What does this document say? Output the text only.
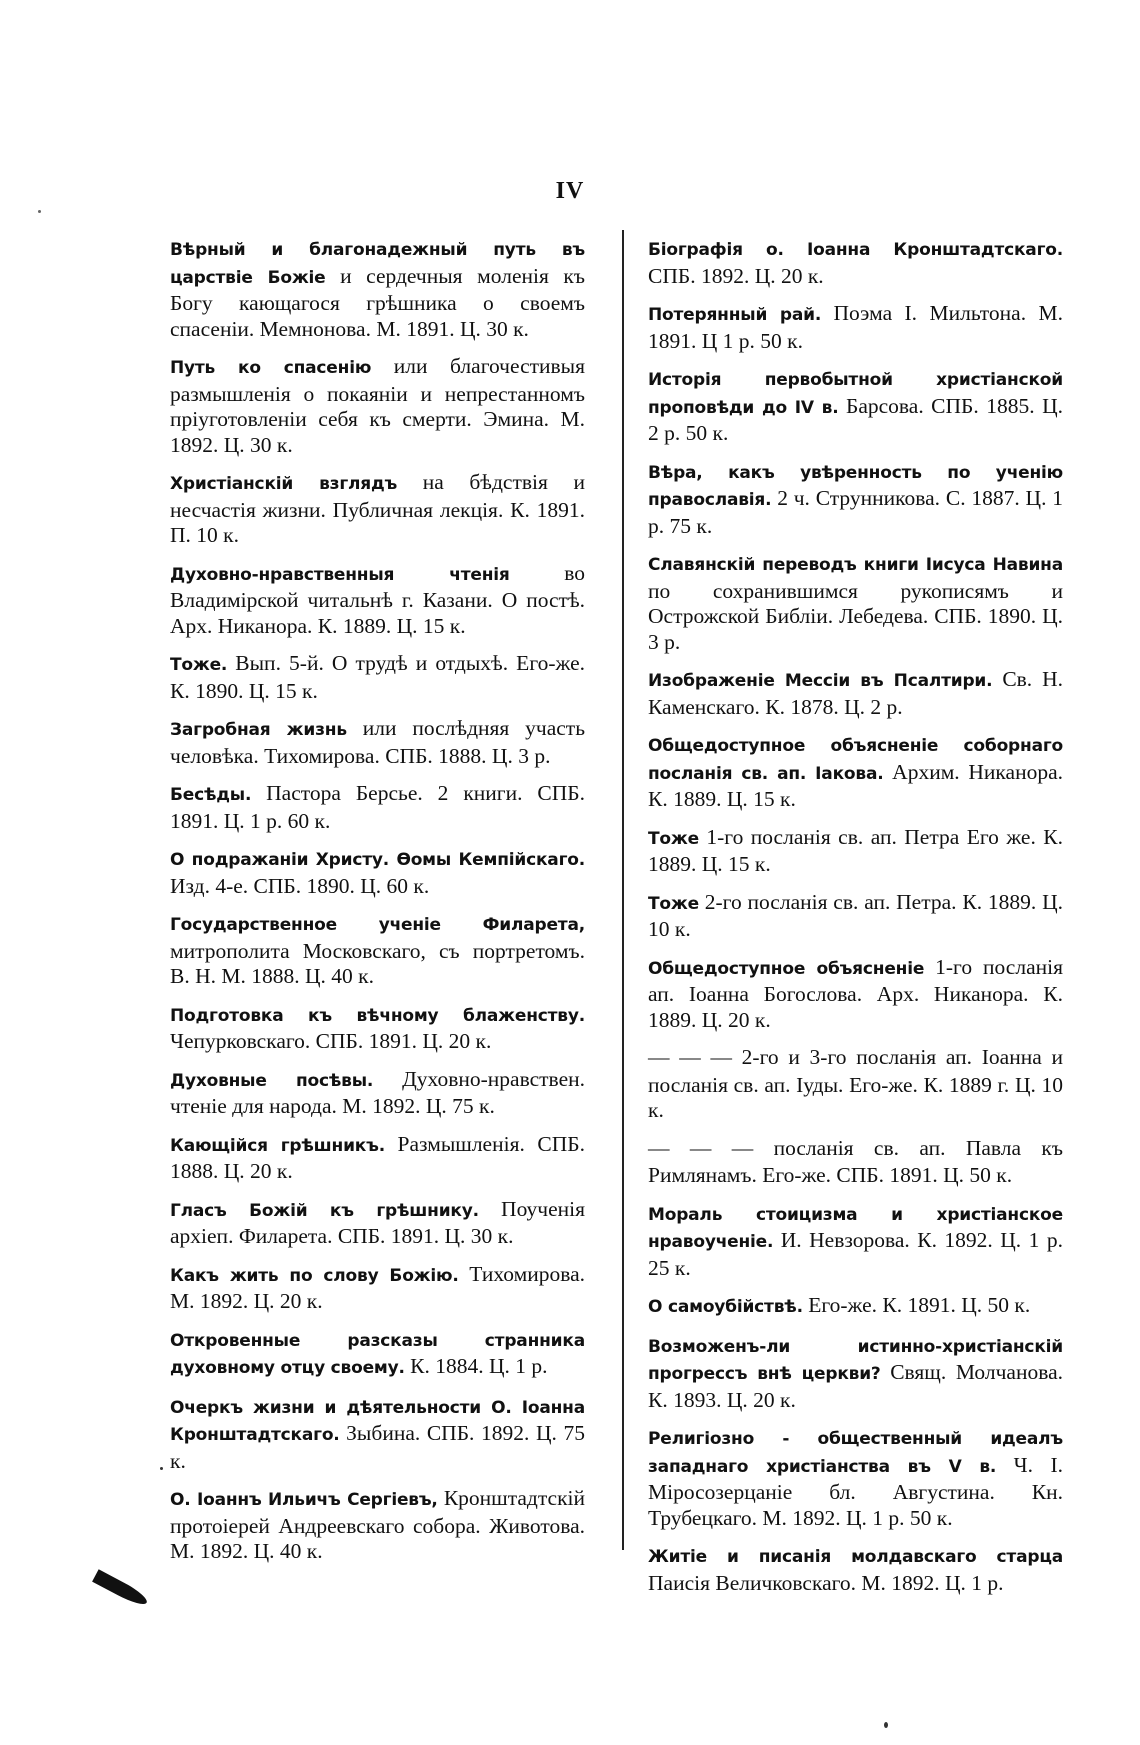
IV

Вѣрный и благонадежный путь въ царствіе Божіе и сердечныя моленія къ Богу кающагося грѣшника о своемъ спасеніи. Мемнонова. М. 1891. Ц. 30 к.

Путь ко спасенію или благочестивыя размышленія о покаяніи и непрестанномъ пріуготовленіи себя къ смерти. Эмина. М. 1892. Ц. 30 к.

Христіанскій взглядъ на бѣдствія и несчастія жизни. Публичная лекція. К. 1891. П. 10 к.

Духовно-нравственныя чтенія во Владимірской читальнѣ г. Казани. О постѣ. Арх. Никанора. К. 1889. Ц. 15 к.

Тоже. Вып. 5-й. О трудѣ и отдыхѣ. Его-же. К. 1890. Ц. 15 к.

Загробная жизнь или послѣдняя участь человѣка. Тихомирова. СПБ. 1888. Ц. 3 р.

Бесѣды. Пастора Берсье. 2 книги. СПБ. 1891. Ц. 1 р. 60 к.

О подражаніи Христу. Ѳомы Кемпійскаго. Изд. 4-е. СПБ. 1890. Ц. 60 к.

Государственное ученіе Филарета, митрополита Московскаго, съ портретомъ. В. Н. М. 1888. Ц. 40 к.

Подготовка къ вѣчному блаженству. Чепурковскаго. СПБ. 1891. Ц. 20 к.

Духовные посѣвы. Духовно-нравствен. чтеніе для народа. М. 1892. Ц. 75 к.

Кающійся грѣшникъ. Размышленія. СПБ. 1888. Ц. 20 к.

Гласъ Божій къ грѣшнику. Поученія архіеп. Филарета. СПБ. 1891. Ц. 30 к.

Какъ жить по слову Божію. Тихомирова. М. 1892. Ц. 20 к.

Откровенные разсказы странника духовному отцу своему. К. 1884. Ц. 1 р.

Очеркъ жизни и дѣятельности О. Іоанна Кронштадтскаго. Зыбина. СПБ. 1892. Ц. 75 к.

О. Іоаннъ Ильичъ Сергіевъ, Кронштадтскій протоіерей Андреевскаго собора. Животова. М. 1892. Ц. 40 к.

Біографія о. Іоанна Кронштадтскаго. СПБ. 1892. Ц. 20 к.

Потерянный рай. Поэма І. Мильтона. М. 1891. Ц 1 р. 50 к.

Исторія первобытной христіанской проповѣди до IV в. Барсова. СПБ. 1885. Ц. 2 р. 50 к.

Вѣра, какъ увѣренность по ученію православія. 2 ч. Струнникова. С. 1887. Ц. 1 р. 75 к.

Славянскій переводъ книги Іисуса Навина по сохранившимся рукописямъ и Острожской Библіи. Лебедева. СПБ. 1890. Ц. 3 р.

Изображеніе Мессіи въ Псалтири. Св. Н. Каменскаго. К. 1878. Ц. 2 р.

Общедоступное объясненіе соборнаго посланія св. ап. Іакова. Архим. Никанора. К. 1889. Ц. 15 к.

Тоже 1-го посланія св. ап. Петра Его же. К. 1889. Ц. 15 к.

Тоже 2-го посланія св. ап. Петра. К. 1889. Ц. 10 к.

Общедоступное объясненіе 1-го посланія ап. Іоанна Богослова. Арх. Никанора. К. 1889. Ц. 20 к.

— — — 2-го и 3-го посланія ап. Іоанна и посланія св. ап. Іуды. Его-же. К. 1889 г. Ц. 10 к.

— — — посланія св. ап. Павла къ Римлянамъ. Его-же. СПБ. 1891. Ц. 50 к.

Мораль стоицизма и христіанское нравоученіе. И. Невзорова. К. 1892. Ц. 1 р. 25 к.

О самоубійствѣ. Его-же. К. 1891. Ц. 50 к.

Возможенъ-ли истинно-христіанскій прогрессъ внѣ церкви? Свящ. Молчанова. К. 1893. Ц. 20 к.

Религіозно - общественный идеалъ западнаго христіанства въ V в. Ч. І. Міросозерцаніе бл. Августина. Кн. Трубецкаго. М. 1892. Ц. 1 р. 50 к.

Житіе и писанія молдавскаго старца Паисія Величковскаго. М. 1892. Ц. 1 р.
